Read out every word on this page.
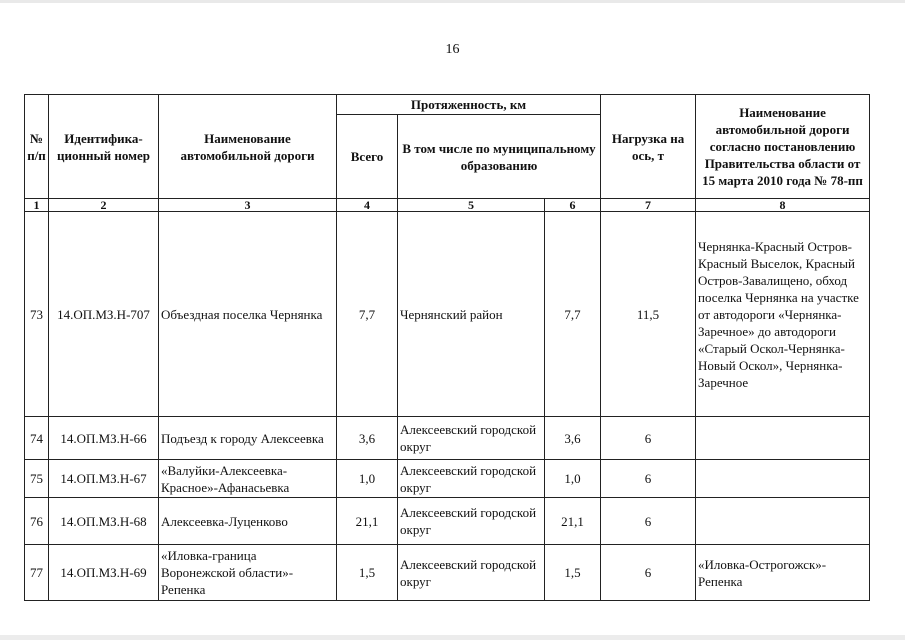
16
№ п/п	Идентифика-ционный номер	Наименование автомобильной дороги	Протяженность, км			Нагрузка на ось, т	Наименование автомобильной дороги согласно постановлению Правительства области от 15 марта 2010 года № 78-пп
			Всего	В том числе по муниципальному образованию			
1	2	3	4	5	6	7	8
73	14.ОП.МЗ.Н-707	Объездная поселка Чернянка	7,7	Чернянский район	7,7	11,5	Чернянка-Красный Остров-Красный Выселок, Красный Остров-Завалищено, обход поселка Чернянка на участке от автодороги «Чернянка-Заречное» до автодороги «Старый Оскол-Чернянка-Новый Оскол», Чернянка-Заречное
74	14.ОП.МЗ.Н-66	Подъезд к городу Алексеевка	3,6	Алексеевский городской округ	3,6	6	
75	14.ОП.МЗ.Н-67	«Валуйки-Алексеевка-Красное»-Афанасьевка	1,0	Алексеевский городской округ	1,0	6	
76	14.ОП.МЗ.Н-68	Алексеевка-Луценково	21,1	Алексеевский городской округ	21,1	6	
77	14.ОП.МЗ.Н-69	«Иловка-граница Воронежской области»-Репенка	1,5	Алексеевский городской округ	1,5	6	«Иловка-Острогожск»-Репенка
